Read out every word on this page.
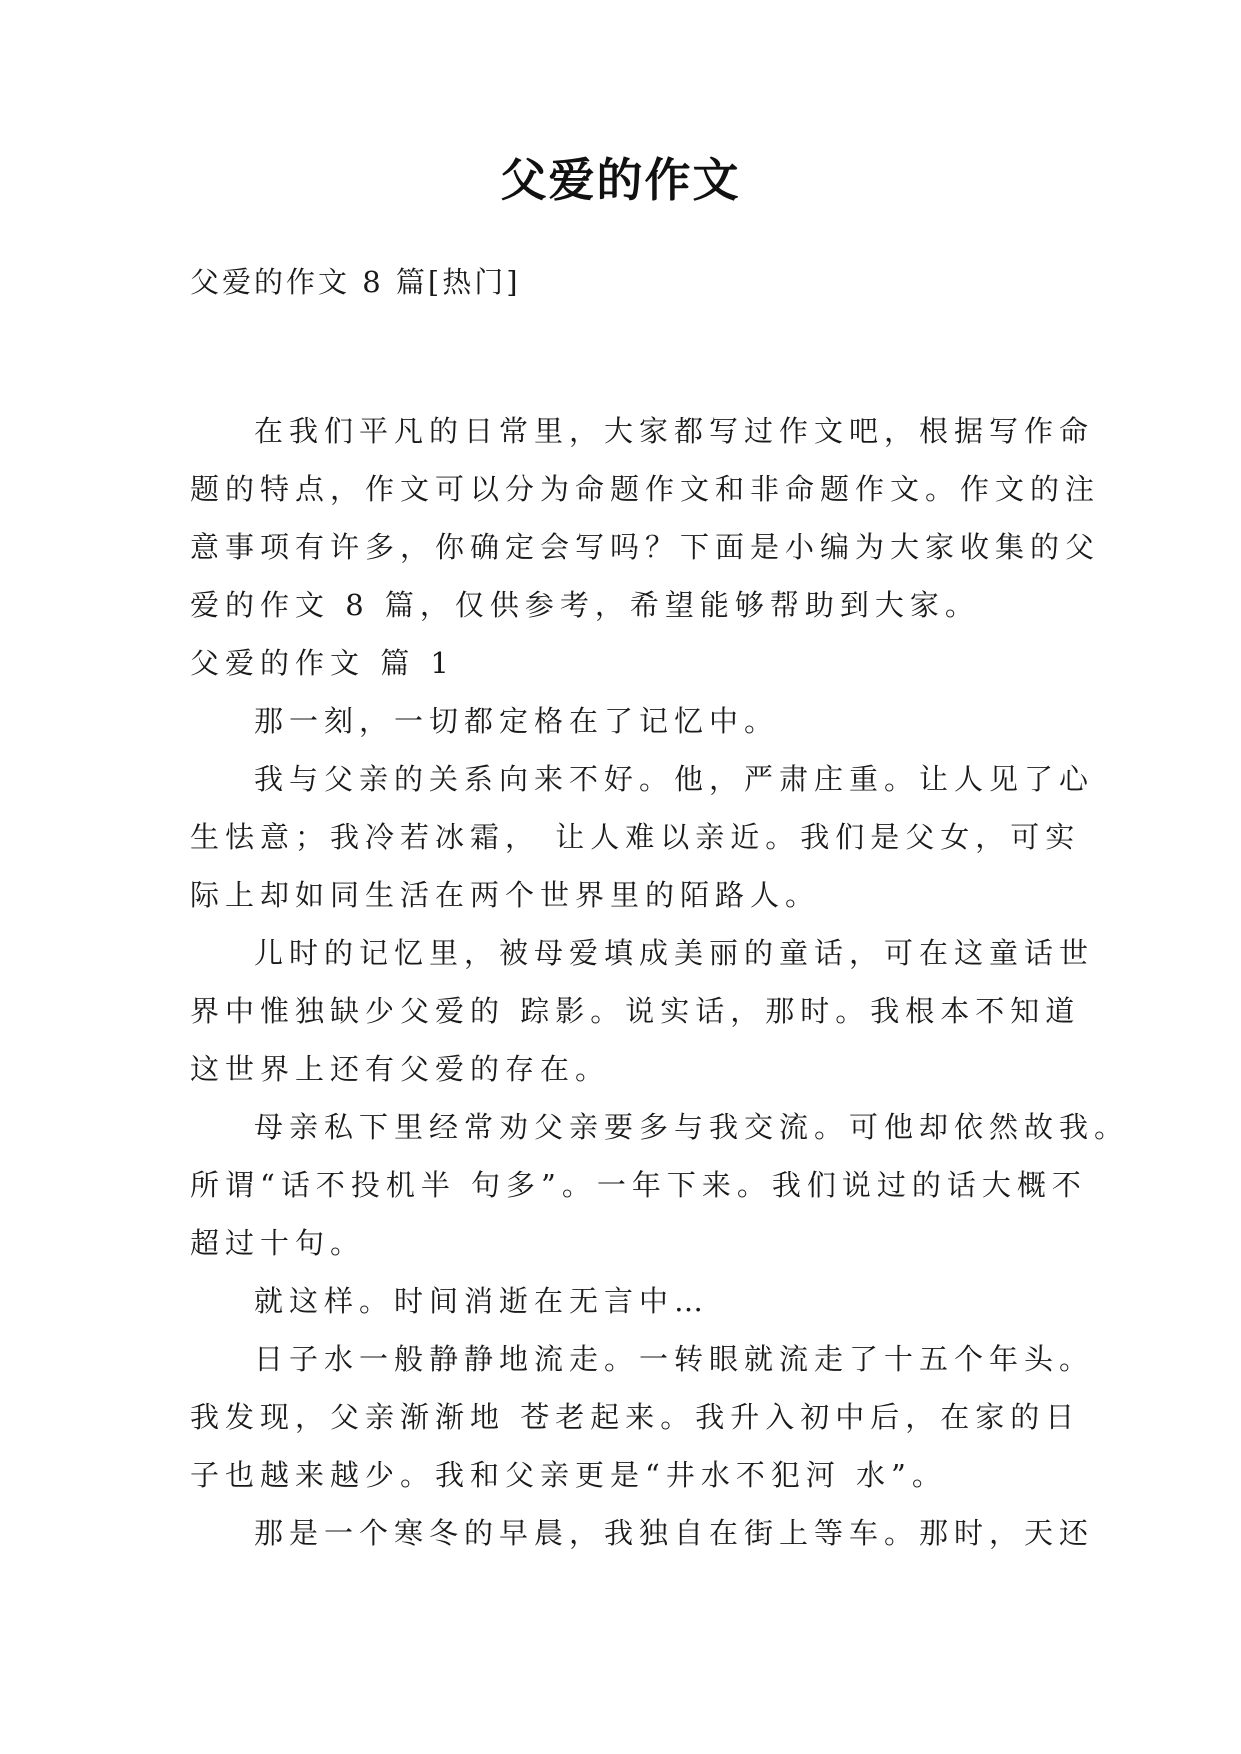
父爱的作文
父爱的作文 8 篇[热门]
在我们平凡的日常里，大家都写过作文吧，根据写作命
题的特点，作文可以分为命题作文和非命题作文。作文的注
意事项有许多，你确定会写吗？下面是小编为大家收集的父
爱的作文 8 篇，仅供参考，希望能够帮助到大家。
父爱的作文 篇 1
那一刻，一切都定格在了记忆中。
我与父亲的关系向来不好。他，严肃庄重。让人见了心
生怯意；我冷若冰霜， 让人难以亲近。我们是父女，可实
际上却如同生活在两个世界里的陌路人。
儿时的记忆里，被母爱填成美丽的童话，可在这童话世
界中惟独缺少父爱的 踪影。说实话，那时。我根本不知道
这世界上还有父爱的存在。
母亲私下里经常劝父亲要多与我交流。可他却依然故我。
所谓“话不投机半 句多”。一年下来。我们说过的话大概不
超过十句。
就这样。时间消逝在无言中…
日子水一般静静地流走。一转眼就流走了十五个年头。
我发现，父亲渐渐地 苍老起来。我升入初中后，在家的日
子也越来越少。我和父亲更是“井水不犯河 水”。
那是一个寒冬的早晨，我独自在街上等车。那时，天还
